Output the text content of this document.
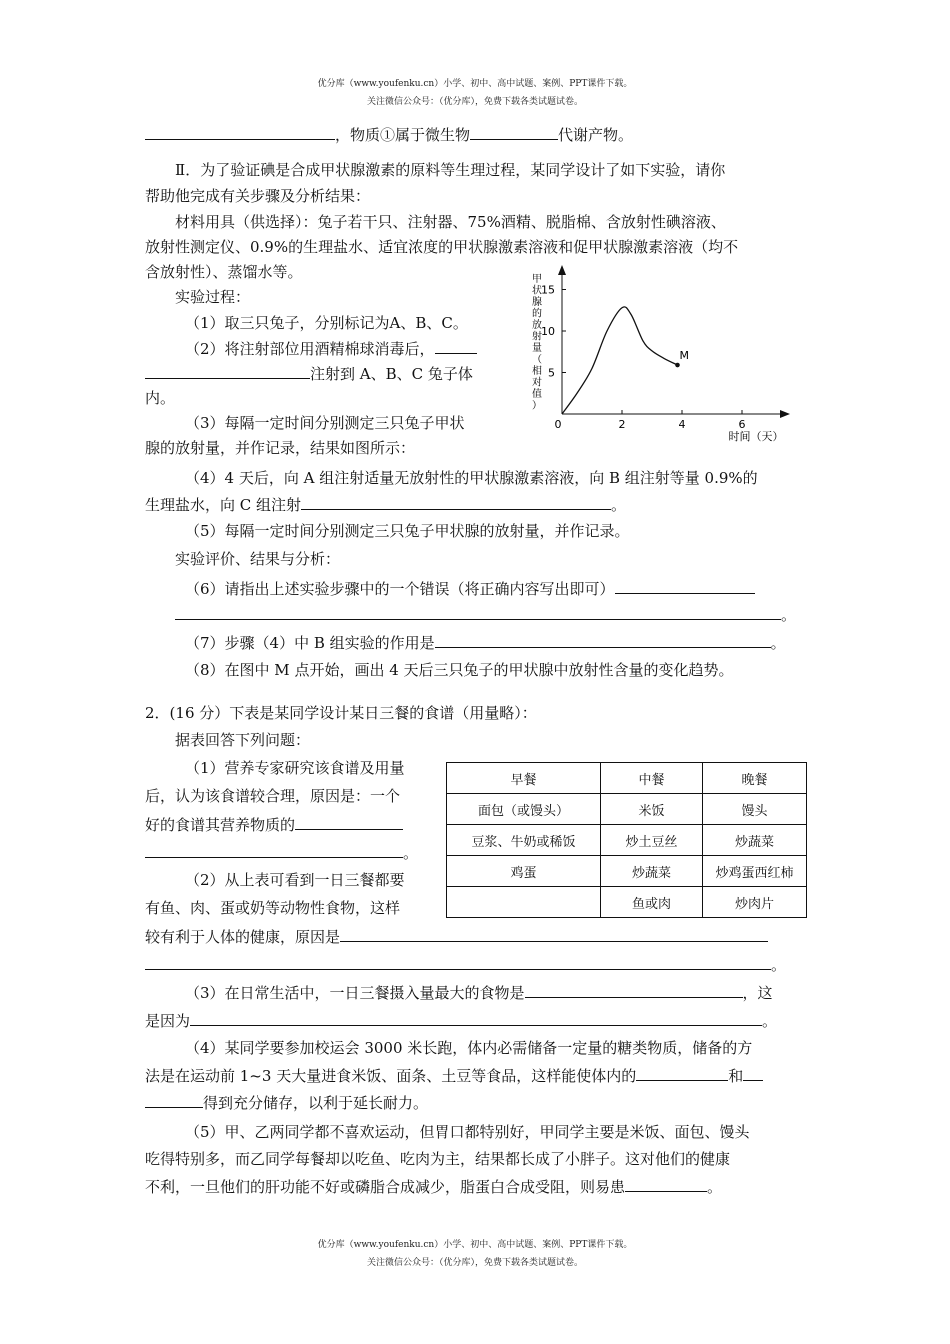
优分库（www.youfenku.cn）小学、初中、高中试题、案例、PPT课件下载。
关注微信公众号：（优分库），免费下载各类试题试卷。
，物质①属于微生物	代谢产物。
Ⅱ．为了验证碘是合成甲状腺激素的原料等生理过程，某同学设计了如下实验，请你
帮助他完成有关步骤及分析结果：
材料用具（供选择）：兔子若干只、注射器、75%酒精、脱脂棉、含放射性碘溶液、
放射性测定仪、0.9%的生理盐水、适宜浓度的甲状腺激素溶液和促甲状腺激素溶液（均不
含放射性）、蒸馏水等。
实验过程：
（1）取三只兔子，分别标记为A、B、C。
（2）将注射部位用酒精棉球消毒后，
注射到 A、B、C 兔子体
内。
（3）每隔一定时间分别测定三只兔子甲状
腺的放射量，并作记录，结果如图所示：
0	2	4	6
5
10
15
甲状腺的放射量（相对值）
时间（天）
M
（4）4 天后，向 A 组注射适量无放射性的甲状腺激素溶液，向 B 组注射等量 0.9%的
生理盐水，向 C 组注射	。
（5）每隔一定时间分别测定三只兔子甲状腺的放射量，并作记录。
实验评价、结果与分析：
（6）请指出上述实验步骤中的一个错误（将正确内容写出即可）
。
（7）步骤（4）中 B 组实验的作用是	。
（8）在图中 M 点开始，画出 4 天后三只兔子的甲状腺中放射性含量的变化趋势。
2．(16 分）下表是某同学设计某日三餐的食谱（用量略）：
据表回答下列问题：
早餐	中餐	晚餐
面包（或馒头）	米饭	馒头
豆浆、牛奶或稀饭	炒土豆丝	炒蔬菜
鸡蛋	炒蔬菜	炒鸡蛋西红柿
	鱼或肉	炒肉片
（1）营养专家研究该食谱及用量
后，认为该食谱较合理，原因是：一个
好的食谱其营养物质的
。
（2）从上表可看到一日三餐都要
有鱼、肉、蛋或奶等动物性食物，这样
较有利于人体的健康，原因是
。
（3）在日常生活中，一日三餐摄入量最大的食物是	，这
是因为	。
（4）某同学要参加校运会 3000 米长跑，体内必需储备一定量的糖类物质，储备的方
法是在运动前 1~3 天大量进食米饭、面条、土豆等食品，这样能使体内的	和
得到充分储存，以利于延长耐力。
（5）甲、乙两同学都不喜欢运动，但胃口都特别好，甲同学主要是米饭、面包、馒头
吃得特别多，而乙同学每餐却以吃鱼、吃肉为主，结果都长成了小胖子。这对他们的健康
不利，一旦他们的肝功能不好或磷脂合成减少，脂蛋白合成受阻，则易患	。
优分库（www.youfenku.cn）小学、初中、高中试题、案例、PPT课件下载。
关注微信公众号：（优分库），免费下载各类试题试卷。
